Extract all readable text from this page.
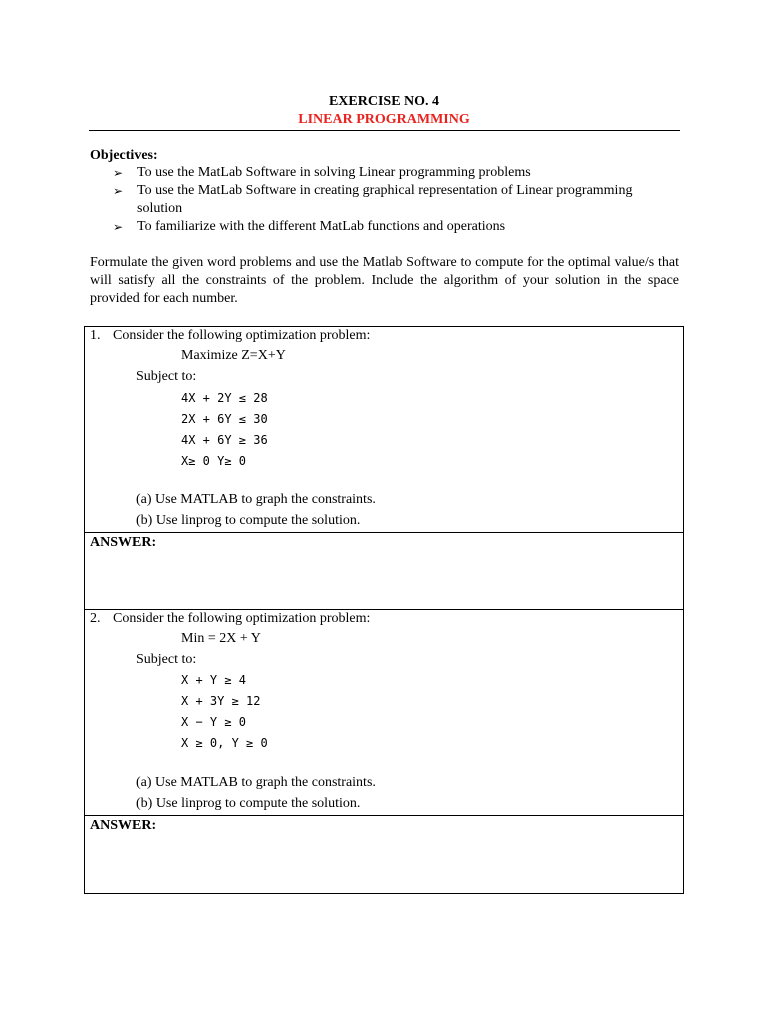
EXERCISE NO. 4
LINEAR PROGRAMMING
Objectives:
➢ To use the MatLab Software in solving Linear programming problems
➢ To use the MatLab Software in creating graphical representation of Linear programming solution
➢ To familiarize with the different MatLab functions and operations
Formulate the given word problems and use the Matlab Software to compute for the optimal value/s that will satisfy all the constraints of the problem. Include the algorithm of your solution in the space provided for each number.
1. Consider the following optimization problem:
Maximize Z=X+Y
Subject to:
4X + 2Y ≤ 28
2X + 6Y ≤ 30
4X + 6Y ≥ 36
X≥ 0 Y≥ 0
(a) Use MATLAB to graph the constraints.
(b) Use linprog to compute the solution.
ANSWER:
2. Consider the following optimization problem:
Min = 2X + Y
Subject to:
X + Y ≥ 4
X + 3Y ≥ 12
X − Y ≥ 0
X ≥ 0, Y ≥ 0
(a) Use MATLAB to graph the constraints.
(b) Use linprog to compute the solution.
ANSWER:
